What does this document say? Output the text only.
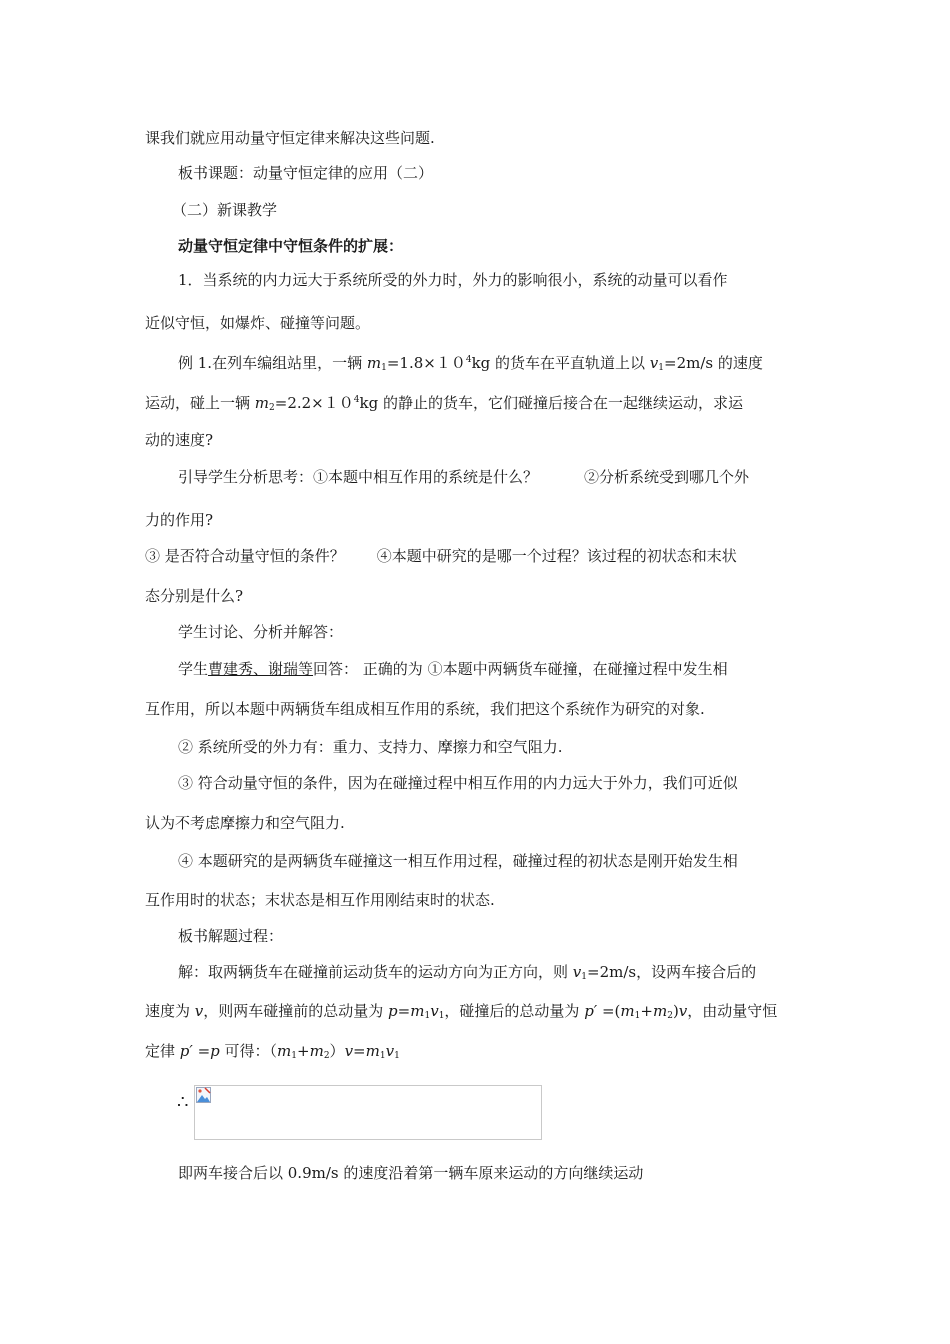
课我们就应用动量守恒定律来解决这些问题.
板书课题：动量守恒定律的应用（二）
（二）新课教学
动量守恒定律中守恒条件的扩展：
1．当系统的内力远大于系统所受的外力时，外力的影响很小，系统的动量可以看作
近似守恒，如爆炸、碰撞等问题。
例 1.在列车编组站里，一辆 $m_1=1.8\times 10^4kg$ 的货车在平直轨道上以 $v_1=2m/s$ 的速度
运动，碰上一辆 $m_2=2.2\times 10^4kg$ 的静止的货车，它们碰撞后接合在一起继续运动，求运
动的速度?
引导学生分析思考：①本题中相互作用的系统是什么？	②分析系统受到哪几个外
力的作用?
③ 是否符合动量守恒的条件？ ④本题中研究的是哪一个过程？该过程的初状态和末状
态分别是什么?
学生讨论、分析并解答：
学生曹建秀、谢瑞等回答： 正确的为 ①本题中两辆货车碰撞，在碰撞过程中发生相
互作用，所以本题中两辆货车组成相互作用的系统，我们把这个系统作为研究的对象.
② 系统所受的外力有：重力、支持力、摩擦力和空气阻力.
③ 符合动量守恒的条件，因为在碰撞过程中相互作用的内力远大于外力，我们可近似
认为不考虑摩擦力和空气阻力.
④ 本题研究的是两辆货车碰撞这一相互作用过程，碰撞过程的初状态是刚开始发生相
互作用时的状态；末状态是相互作用刚结束时的状态.
板书解题过程：
解：取两辆货车在碰撞前运动货车的运动方向为正方向，则 $v_1=2m/s$，设两车接合后的
速度为 v，则两车碰撞前的总动量为 $p=m_1v_1$，碰撞后的总动量为 $p' =(m_1+m_2)v$，由动量守恒
定律 p′ =p 可得：$(m_1+m_2)v=m_1v_1$
∴
即两车接合后以 0.9m/s 的速度沿着第一辆车原来运动的方向继续运动
